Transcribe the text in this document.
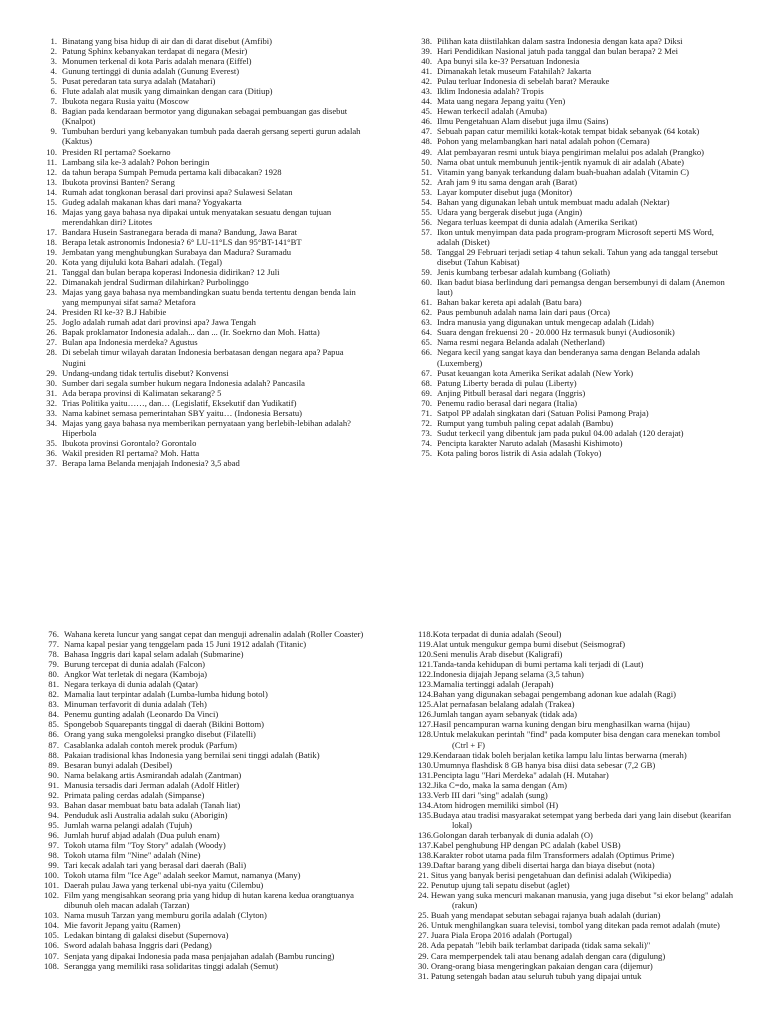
1. Binatang yang bisa hidup di air dan di darat disebut (Amfibi)
2. Patung Sphinx kebanyakan terdapat di negara (Mesir)
3. Monumen terkenal di kota Paris adalah menara (Eiffel)
4. Gunung tertinggi di dunia adalah (Gunung Everest)
5. Pusat peredaran tata surya adalah (Matahari)
6. Flute adalah alat musik yang dimainkan dengan cara (Ditiup)
7. Ibukota negara Rusia yaitu (Moscow
8. Bagian pada kendaraan bermotor yang digunakan sebagai pembuangan gas disebut (Knalpot)
9. Tumbuhan berduri yang kebanyakan tumbuh pada daerah gersang seperti gurun adalah (Kaktus)
10. Presiden RI pertama? Soekarno
11. Lambang sila ke-3 adalah? Pohon beringin
12. da tahun berapa Sumpah Pemuda pertama kali dibacakan? 1928
13. Ibukota provinsi Banten? Serang
14. Rumah adat tongkonan berasal dari provinsi apa? Sulawesi Selatan
15. Gudeg adalah makanan khas dari mana? Yogyakarta
16. Majas yang gaya bahasa nya dipakai untuk menyatakan sesuatu dengan tujuan merendahkan diri? Litotes
17. Bandara Husein Sastranegara berada di mana? Bandung, Jawa Barat
18. Berapa letak astronomis Indonesia? 6° LU-11°LS dan 95°BT-141°BT
19. Jembatan yang menghubungkan Surabaya dan Madura? Suramadu
20. Kota yang dijuluki kota Bahari adalah. (Tegal)
21. Tanggal dan bulan berapa koperasi Indonesia didirikan? 12 Juli
22. Dimanakah jendral Sudirman dilahirkan? Purbolinggo
23. Majas yang gaya bahasa nya membandingkan suatu benda tertentu dengan benda lain yang mempunyai sifat sama? Metafora
24. Presiden RI ke-3? B.J Habibie
25. Joglo adalah rumah adat dari provinsi apa? Jawa Tengah
26. Bapak proklamator Indonesia adalah... dan ... (Ir. Soekrno dan Moh. Hatta)
27. Bulan apa Indonesia merdeka? Agustus
28. Di sebelah timur wilayah daratan Indonesia berbatasan dengan negara apa? Papua Nugini
29. Undang-undang tidak tertulis disebut? Konvensi
30. Sumber dari segala sumber hukum negara Indonesia adalah? Pancasila
31. Ada berapa provinsi di Kalimatan sekarang? 5
32. Trias Politika yaitu……, dan… (Legislatif, Eksekutif dan Yudikatif)
33. Nama kabinet semasa pemerintahan SBY yaitu… (Indonesia Bersatu)
34. Majas yang gaya bahasa nya memberikan pernyataan yang berlebih-lebihan adalah? Hiperbola
35. Ibukota provinsi Gorontalo? Gorontalo
36. Wakil presiden RI pertama? Moh. Hatta
37. Berapa lama Belanda menjajah Indonesia? 3,5 abad
38. Pilihan kata diistilahkan dalam sastra Indonesia dengan kata apa? Diksi
39. Hari Pendidikan Nasional jatuh pada tanggal dan bulan berapa? 2 Mei
40. Apa bunyi sila ke-3? Persatuan Indonesia
41. Dimanakah letak museum Fatahilah? Jakarta
42. Pulau terluar Indonesia di sebelah barat? Merauke
43. Iklim Indonesia adalah? Tropis
44. Mata uang negara Jepang yaitu (Yen)
45. Hewan terkecil adalah (Amuba)
46. Ilmu Pengetahuan Alam disebut juga ilmu (Sains)
47. Sebuah papan catur memiliki kotak-kotak tempat bidak sebanyak (64 kotak)
48. Pohon yang melambangkan hari natal adalah pohon (Cemara)
49. Alat pembayaran resmi untuk biaya pengiriman melalui pos adalah (Prangko)
50. Nama obat untuk membunuh jentik-jentik nyamuk di air adalah (Abate)
51. Vitamin yang banyak terkandung dalam buah-buahan adalah (Vitamin C)
52. Arah jam 9 itu sama dengan arah (Barat)
53. Layar komputer disebut juga (Monitor)
54. Bahan yang digunakan lebah untuk membuat madu adalah (Nektar)
55. Udara yang bergerak disebut juga (Angin)
56. Negara terluas keempat di dunia adalah (Amerika Serikat)
57. Ikon untuk menyimpan data pada program-program Microsoft seperti MS Word, adalah (Disket)
58. Tanggal 29 Februari terjadi setiap 4 tahun sekali. Tahun yang ada tanggal tersebut disebut (Tahun Kabisat)
59. Jenis kumbang terbesar adalah kumbang (Goliath)
60. Ikan badut biasa berlindung dari pemangsa dengan bersembunyi di dalam (Anemon laut)
61. Bahan bakar kereta api adalah (Batu bara)
62. Paus pembunuh adalah nama lain dari paus (Orca)
63. Indra manusia yang digunakan untuk mengecap adalah (Lidah)
64. Suara dengan frekuensi 20 - 20.000 Hz termasuk bunyi (Audiosonik)
65. Nama resmi negara Belanda adalah (Netherland)
66. Negara kecil yang sangat kaya dan benderanya sama dengan Belanda adalah (Luxemberg)
67. Pusat keuangan kota Amerika Serikat adalah (New York)
68. Patung Liberty berada di pulau (Liberty)
69. Anjing Pitbull berasal dari negara (Inggris)
70. Penemu radio berasal dari negara (Italia)
71. Satpol PP adalah singkatan dari (Satuan Polisi Pamong Praja)
72. Rumput yang tumbuh paling cepat adalah (Bambu)
73. Sudut terkecil yang dibentuk jam pada pukul 04.00 adalah (120 derajat)
74. Pencipta karakter Naruto adalah (Masashi Kishimoto)
75. Kota paling boros listrik di Asia adalah (Tokyo)
76. Wahana kereta luncur yang sangat cepat dan menguji adrenalin adalah (Roller Coaster)
77. Nama kapal pesiar yang tenggelam pada 15 Juni 1912 adalah (Titanic)
78. Bahasa Inggris dari kapal selam adalah (Submarine)
79. Burung tercepat di dunia adalah (Falcon)
80. Angkor Wat terletak di negara (Kamboja)
81. Negara terkaya di dunia adalah (Qatar)
82. Mamalia laut terpintar adalah (Lumba-lumba hidung botol)
83. Minuman terfavorit di dunia adalah (Teh)
84. Penemu gunting adalah (Leonardo Da Vinci)
85. Spongebob Squarepants tinggal di daerah (Bikini Bottom)
86. Orang yang suka mengoleksi prangko disebut (Filatelli)
87. Casablanka adalah contoh merek produk (Parfum)
88. Pakaian tradisional khas Indonesia yang bernilai seni tinggi adalah (Batik)
89. Besaran bunyi adalah (Desibel)
90. Nama belakang artis Asmirandah adalah (Zantman)
91. Manusia tersadis dari Jerman adalah (Adolf Hitler)
92. Primata paling cerdas adalah (Simpanse)
93. Bahan dasar membuat batu bata adalah (Tanah liat)
94. Penduduk asli Australia adalah suku (Aborigin)
95. Jumlah warna pelangi adalah (Tujuh)
96. Jumlah huruf abjad adalah (Dua puluh enam)
97. Tokoh utama film "Toy Story" adalah (Woody)
98. Tokoh utama film "Nine" adalah (Nine)
99. Tari kecak adalah tari yang berasal dari daerah (Bali)
100. Tokoh utama film "Ice Age" adalah seekor Mamut, namanya (Many)
101. Daerah pulau Jawa yang terkenal ubi-nya yaitu (Cilembu)
102. Film yang mengisahkan seorang pria yang hidup di hutan karena kedua orangtuanya dibunuh oleh macan adalah (Tarzan)
103. Nama musuh Tarzan yang memburu gorila adalah (Clyton)
104. Mie favorit Jepang yaitu (Ramen)
105. Ledakan bintang di galaksi disebut (Supernova)
106. Sword adalah bahasa Inggris dari (Pedang)
107. Senjata yang dipakai Indonesia pada masa penjajahan adalah (Bambu runcing)
108. Serangga yang memiliki rasa solidaritas tinggi adalah (Semut)
118.Kota terpadat di dunia adalah (Seoul)
119.Alat untuk mengukur gempa bumi disebut (Seismograf)
120.Seni menulis Arab disebut (Kaligrafi)
121.Tanda-tanda kehidupan di bumi pertama kali terjadi di (Laut)
122.Indonesia dijajah Jepang selama (3,5 tahun)
123.Mamalia tertinggi adalah (Jerapah)
124.Bahan yang digunakan sebagai pengembang adonan kue adalah (Ragi)
125.Alat pernafasan belalang adalah (Trakea)
126.Jumlah tangan ayam sebanyak (tidak ada)
127.Hasil pencampuran warna kuning dengan biru menghasilkan warna (hijau)
128.Untuk melakukan perintah "find" pada komputer bisa dengan cara menekan tombol (Ctrl + F)
129.Kendaraan tidak boleh berjalan ketika lampu lalu lintas berwarna (merah)
130.Umumnya flashdisk 8 GB hanya bisa diisi data sebesar (7,2 GB)
131.Pencipta lagu "Hari Merdeka" adalah (H. Mutahar)
132.Jika C=do, maka la sama dengan (Am)
133.Verb III dari "sing" adalah (sung)
134.Atom hidrogen memiliki simbol (H)
135.Budaya atau tradisi masyarakat setempat yang berbeda dari yang lain disebut (kearifan lokal)
136.Golongan darah terbanyak di dunia adalah (O)
137.Kabel penghubung HP dengan PC adalah (kabel USB)
138.Karakter robot utama pada film Transformers adalah (Optimus Prime)
139.Daftar barang yang dibeli disertai harga dan biaya disebut (nota)
21. Situs yang banyak berisi pengetahuan dan definisi adalah (Wikipedia)
22. Penutup ujung tali sepatu disebut (aglet)
24. Hewan yang suka mencuri makanan manusia, yang juga disebut "si ekor belang" adalah (rakun)
25. Buah yang mendapat sebutan sebagai rajanya buah adalah (durian)
26. Untuk menghilangkan suara televisi, tombol yang ditekan pada remot adalah (mute)
27. Juara Piala Eropa 2016 adalah (Portugal)
28. Ada pepatah "lebih baik terlambat daripada (tidak sama sekali)"
29. Cara memperpendek tali atau benang adalah dengan cara (digulung)
30. Orang-orang biasa mengeringkan pakaian dengan cara (dijemur)
31. Patung setengah badan atau seluruh tubuh yang dipajai untuk
